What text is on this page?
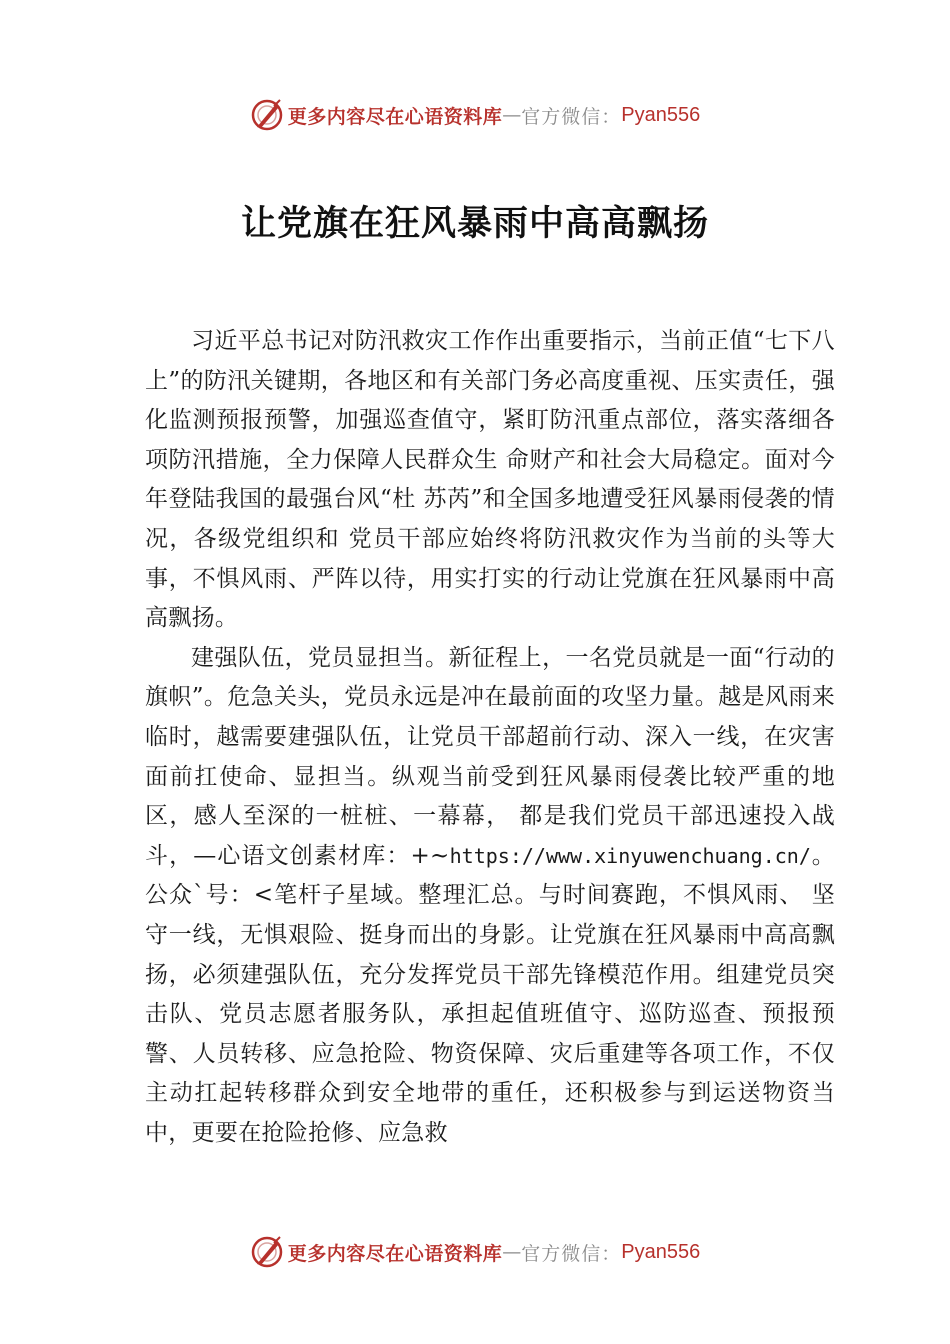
更多内容尽在心语资料库 — 官方微信： Pyan556
让党旗在狂风暴雨中高高飘扬

习近平总书记对防汛救灾工作作出重要指示，当前正值“七下八上”的防汛关键期，各地区和有关部门务必高度重视、压实责任，强化监测预报预警，加强巡查值守，紧盯防汛重点部位，落实落细各项防汛措施，全力保障人民群众生 命财产和社会大局稳定。面对今年登陆我国的最强台风“杜 苏芮”和全国多地遭受狂风暴雨侵袭的情况，各级党组织和 党员干部应始终将防汛救灾作为当前的头等大事，不惧风雨、严阵以待，用实打实的行动让党旗在狂风暴雨中高高飘扬。

建强队伍，党员显担当。新征程上，一名党员就是一面“行动的旗帜”。危急关头，党员永远是冲在最前面的攻坚力量。越是风雨来临时，越需要建强队伍，让党员干部超前行动、深入一线，在灾害面前扛使命、显担当。纵观当前受到狂风暴雨侵袭比较严重的地区，感人至深的一桩桩、一幕幕， 都是我们党员干部迅速投入战斗，—心语文创素材库：+~https://www.xinyuwenchuang.cn/。公众`号：<笔杆子星域。整理汇总。与时间赛跑，不惧风雨、 坚守一线，无惧艰险、挺身而出的身影。让党旗在狂风暴雨中高高飘扬，必须建强队伍，充分发挥党员干部先锋模范作用。组建党员突击队、党员志愿者服务队，承担起值班值守、巡防巡查、预报预警、人员转移、应急抢险、物资保障、灾后重建等各项工作，不仅主动扛起转移群众到安全地带的重任，还积极参与到运送物资当中，更要在抢险抢修、应急救

更多内容尽在心语资料库 — 官方微信： Pyan556
